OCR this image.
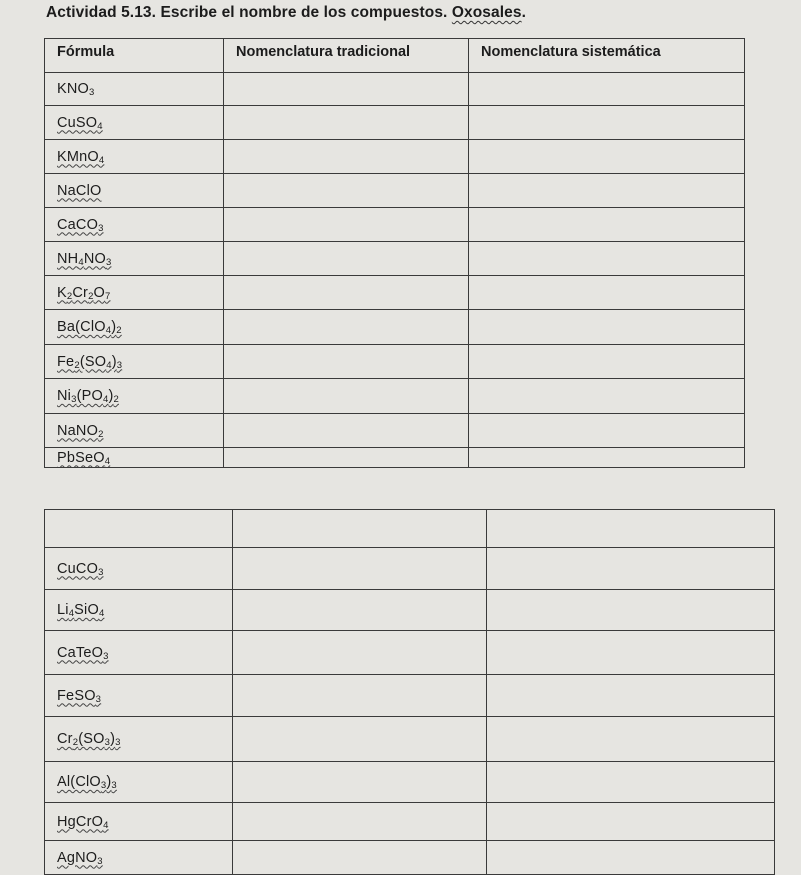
Actividad 5.13. Escribe el nombre de los compuestos. Oxosales.
Fórmula	Nomenclatura tradicional	Nomenclatura sistemática
$KNO_3$		
CuSO$_4$		
KMnO$_4$		
NaClO		
CaCO$_3$		
$NH_4NO_3$		
$K_2Cr_2O_7$		
$Ba(ClO_4)_2$		
$Fe_2(SO_4)_3$		
$Ni_3(PO_4)_2$		
NaNO$_2$		
PbSeO$_4$		

CuCO$_3$		
$Li_4SiO_4$		
CaTeO$_3$		
FeSO$_3$		
$Cr_2(SO_3)_3$		
$Al(ClO_3)_3$		
HgCrO$_4$		
AgNO$_3$		
